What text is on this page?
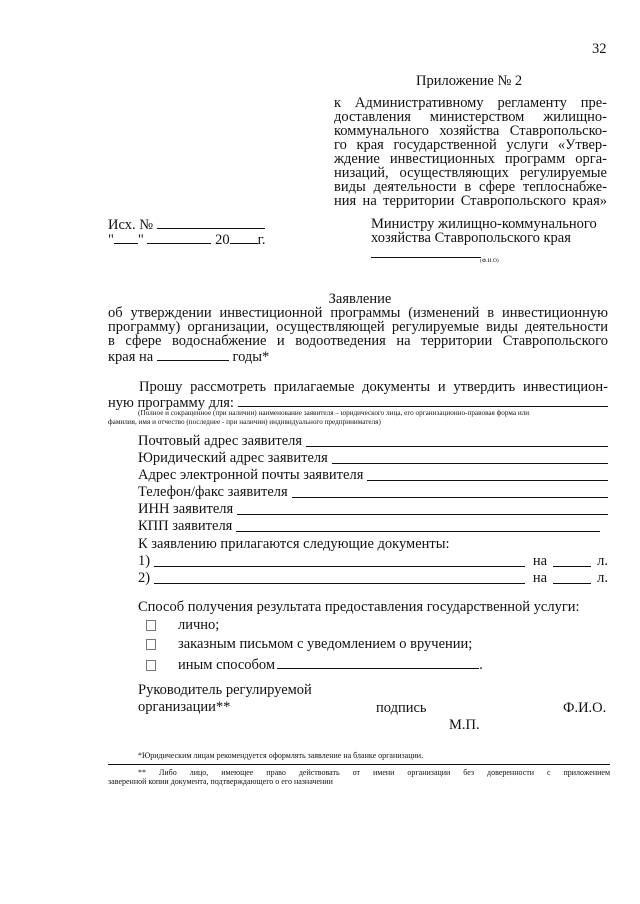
32
Приложение № 2
к Административному регламенту пре-
доставления министерством жилищно-
коммунального хозяйства Ставропольско-
го края государственной услуги «Утвер-
ждение инвестиционных программ орга-
низаций, осуществляющих регулируемые
виды деятельности в сфере теплоснабже-
ния на территории Ставропольского края»
Исх. №
" "	20 г.
Министру жилищно-коммунального
хозяйства Ставропольского края
(Ф.И.О)
Заявление
об утверждении инвестиционной программы (изменений в инвестиционную
программу) организации, осуществляющей регулируемые виды деятельности
в сфере водоснабжение и водоотведения на территории Ставропольского
края на	годы*
Прошу рассмотреть прилагаемые документы и утвердить инвестицион-
ную программу для:
(Полное и сокращенное (при наличии) наименование заявителя – юридического лица, его организационно-правовая форма или
фамилия, имя и отчество (последнее - при наличии) индивидуального предпринимателя)
Почтовый адрес заявителя
Юридический адрес заявителя
Адрес электронной почты заявителя
Телефон/факс заявителя
ИНН заявителя
КПП заявителя
К заявлению прилагаются следующие документы:
1)	на	л.
2)	на	л.
Способ получения результата предоставления государственной услуги:
лично;
заказным письмом с уведомлением о вручении;
иным способом	.
Руководитель регулируемой
организации**	подпись	Ф.И.О.
М.П.
*Юридическим лицам рекомендуется оформлять заявление на бланке организации.
** Либо лицо, имеющее право действовать от имени организации без доверенности с приложением
заверенной копии документа, подтверждающего о его назначении
